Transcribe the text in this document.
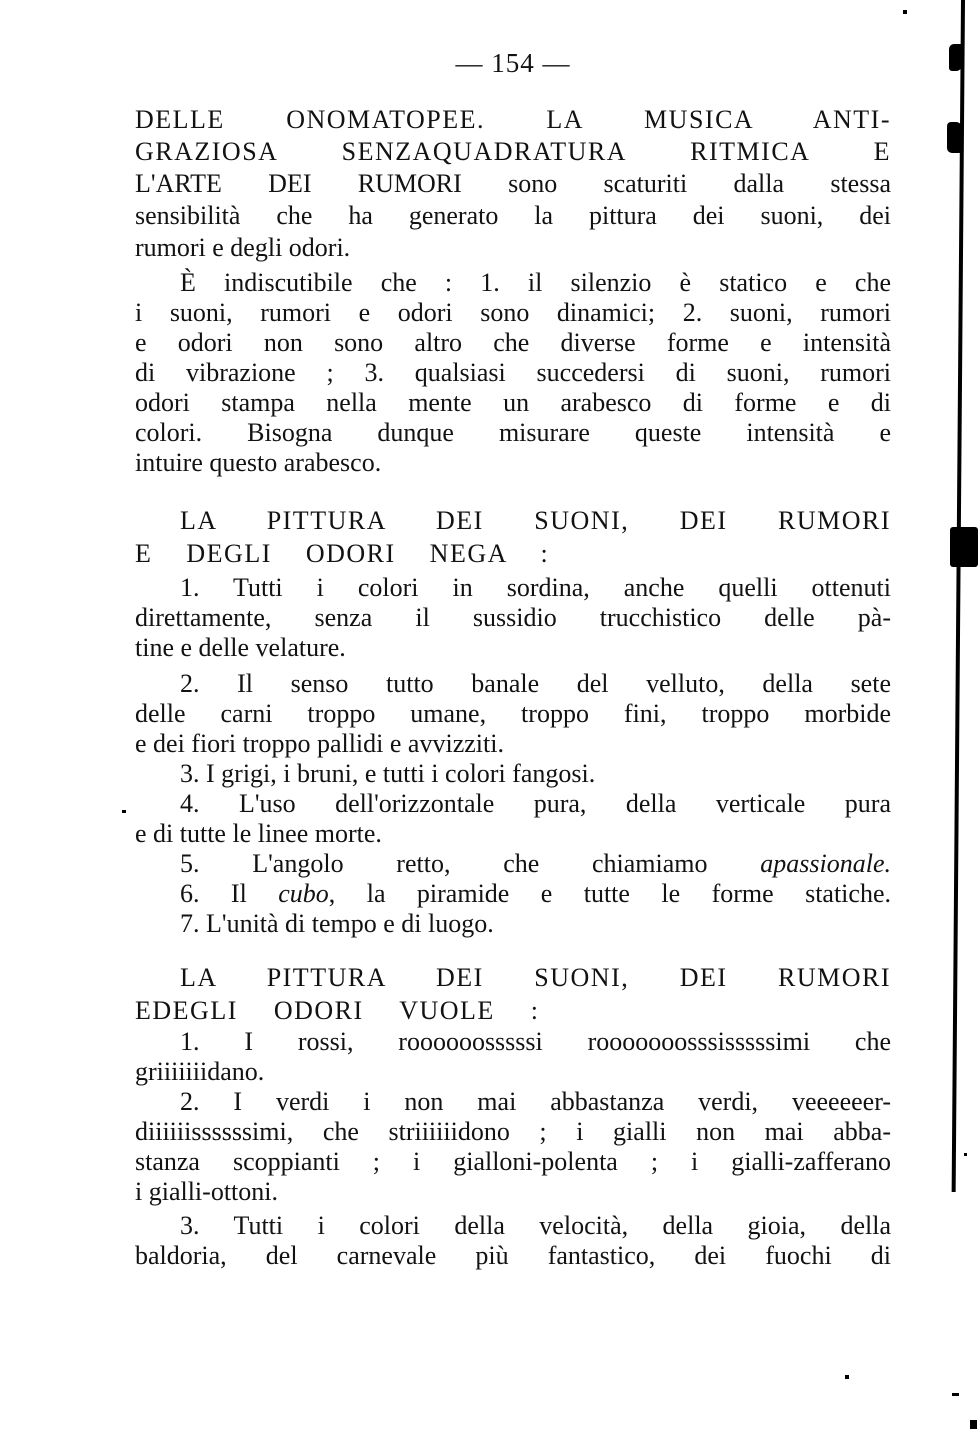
— 154 —
DELLE ONOMATOPEE. LA MUSICA ANTI-
GRAZIOSA SENZAQUADRATURA RITMICA E
L'ARTE DEI RUMORI sono scaturiti dalla stessa
sensibilità che ha generato la pittura dei suoni, dei
rumori e degli odori.
È indiscutibile che : 1. il silenzio è statico e che
i suoni, rumori e odori sono dinamici; 2. suoni, rumori
e odori non sono altro che diverse forme e intensità
di vibrazione ; 3. qualsiasi succedersi di suoni, rumori
odori stampa nella mente un arabesco di forme e di
colori. Bisogna dunque misurare queste intensità e
intuire questo arabesco.
LA PITTURA DEI SUONI, DEI RUMORI
E DEGLI ODORI NEGA :
1. Tutti i colori in sordina, anche quelli ottenuti
direttamente, senza il sussidio trucchistico delle pà-
tine e delle velature.
2. Il senso tutto banale del velluto, della sete
delle carni troppo umane, troppo fini, troppo morbide
e dei fiori troppo pallidi e avvizziti.
3. I grigi, i bruni, e tutti i colori fangosi.
4. L'uso dell'orizzontale pura, della verticale pura
e di tutte le linee morte.
5. L'angolo retto, che chiamiamo apassionale.
6. Il cubo, la piramide e tutte le forme statiche.
7. L'unità di tempo e di luogo.
LA PITTURA DEI SUONI, DEI RUMORI
EDEGLI ODORI VUOLE :
1. I rossi, roooooosssssi rooooooosssisssssimi che
griiiiiiidano.
2. I verdi i non mai abbastanza verdi, veeeeeer-
diiiiiissssssimi, che striiiiiidono ; i gialli non mai abba-
stanza scoppianti ; i gialloni-polenta ; i gialli-zafferano
i gialli-ottoni.
3. Tutti i colori della velocità, della gioia, della
baldoria, del carnevale più fantastico, dei fuochi di
